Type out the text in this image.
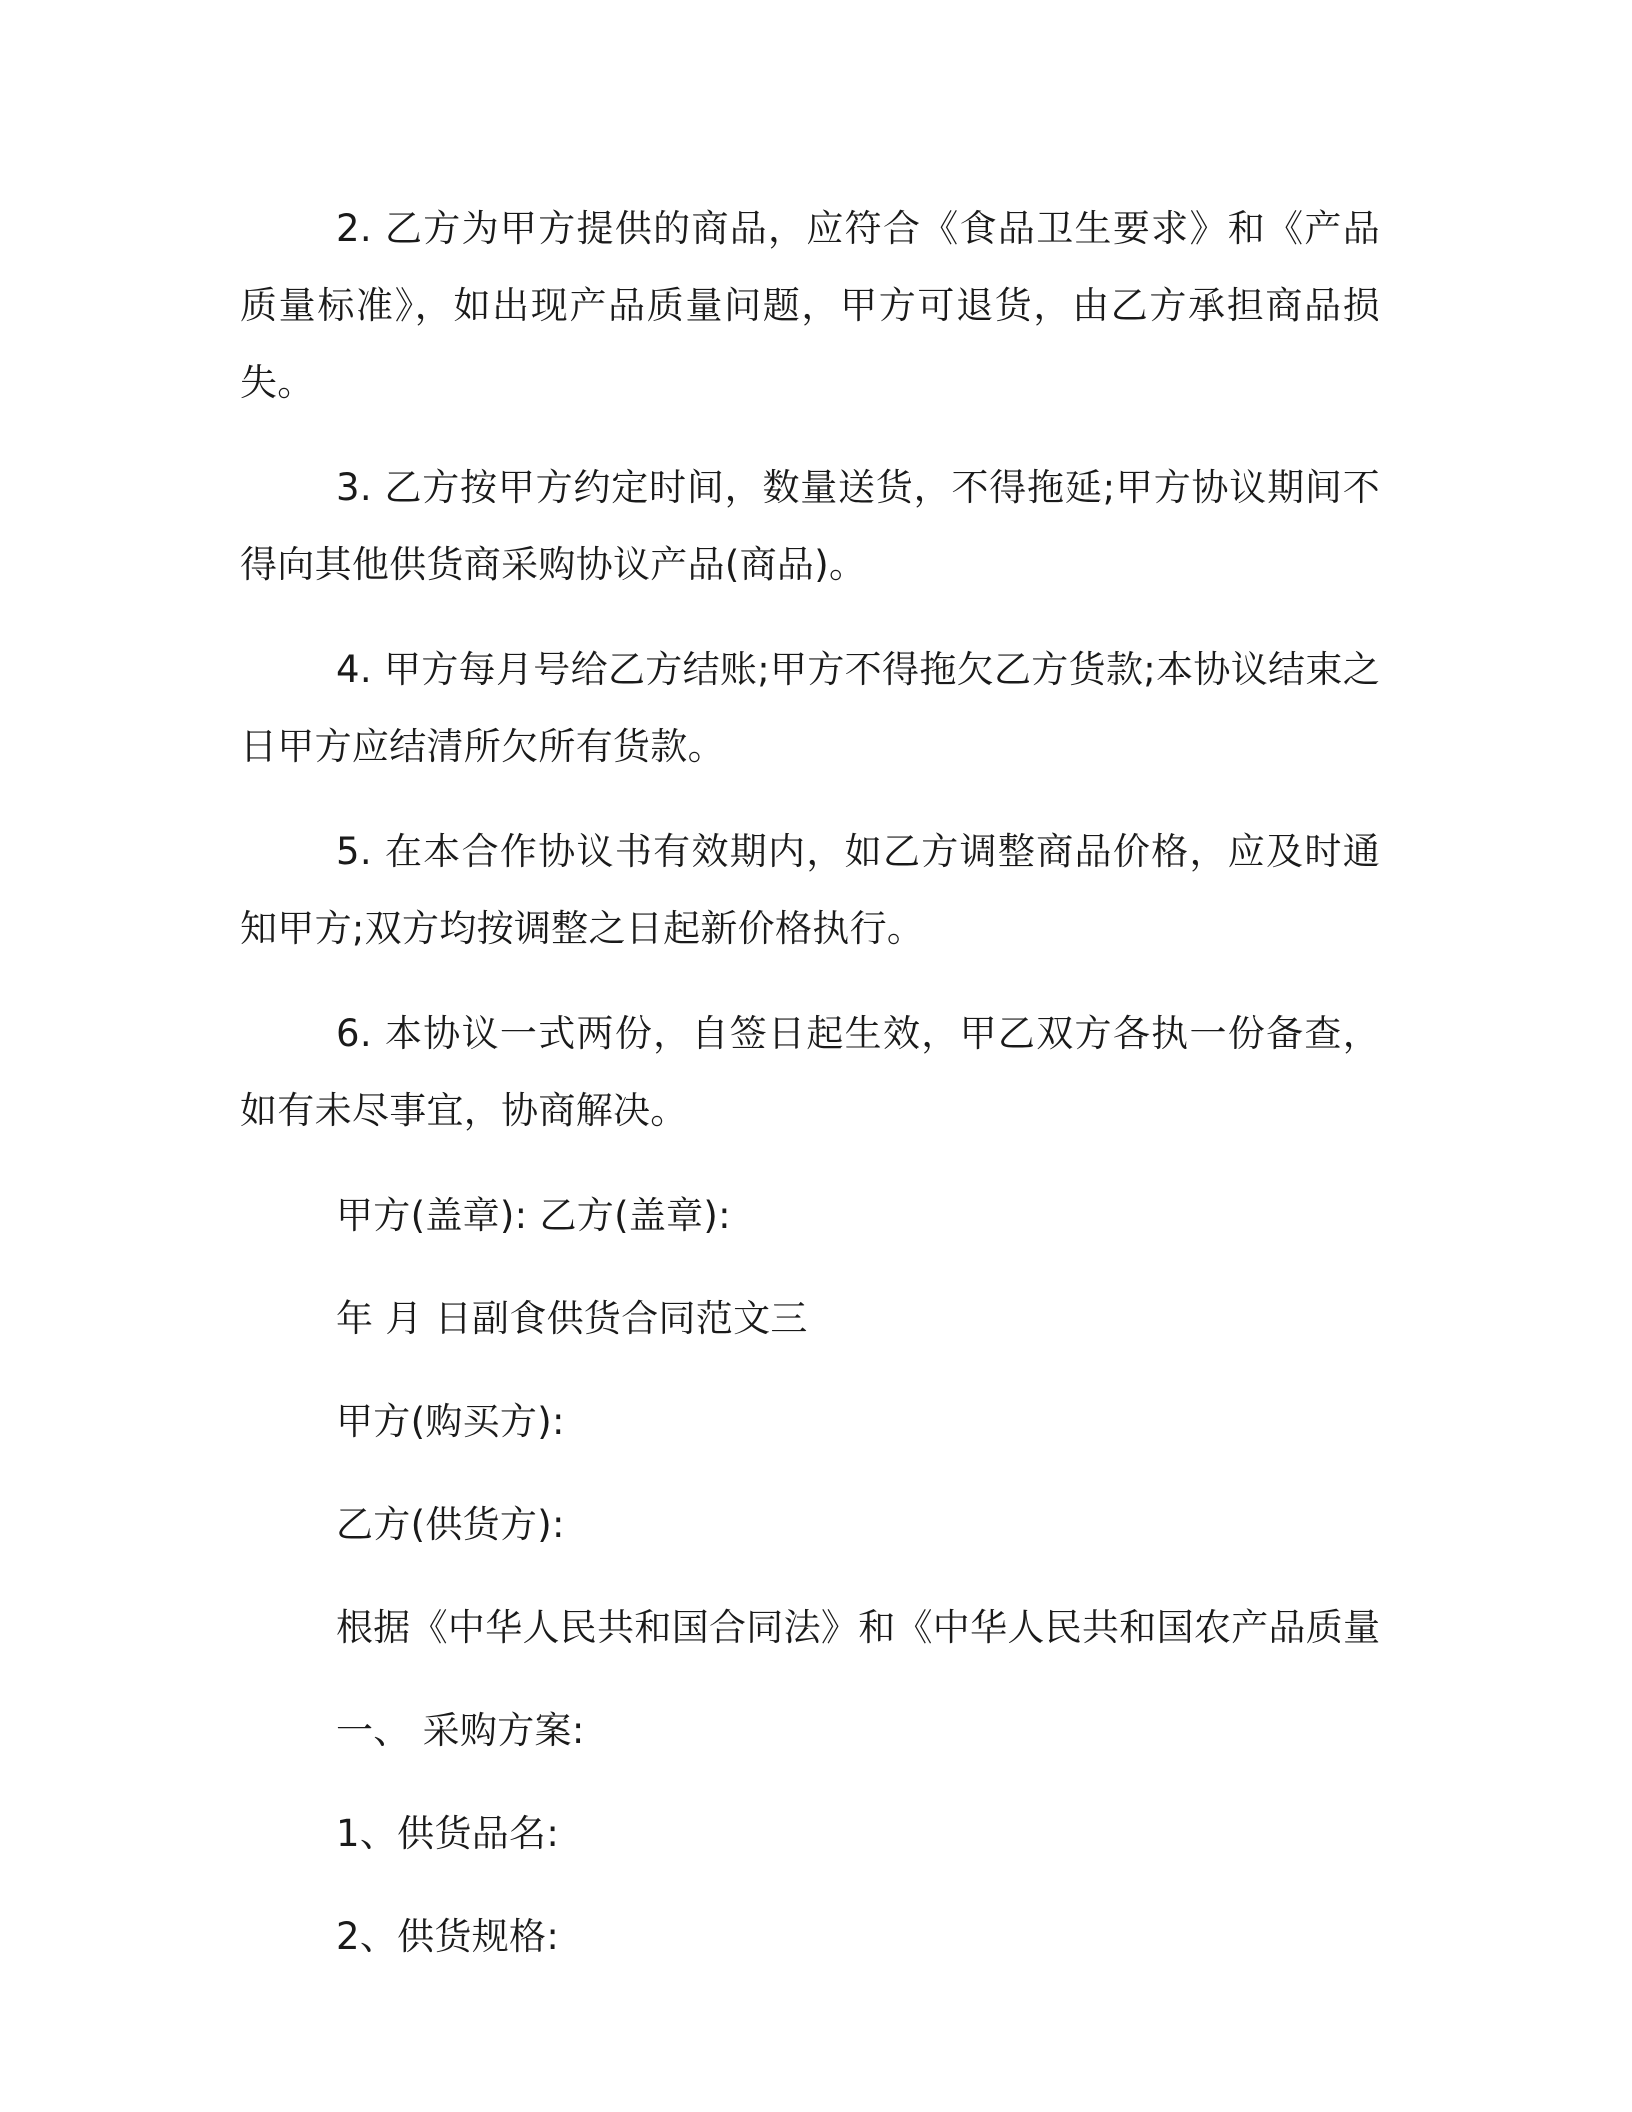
2. 乙方为甲方提供的商品，应符合《食品卫生要求》和《产品质量标准》，如出现产品质量问题，甲方可退货，由乙方承担商品损失。

3. 乙方按甲方约定时间，数量送货，不得拖延;甲方协议期间不得向其他供货商采购协议产品(商品)。

4. 甲方每月号给乙方结账;甲方不得拖欠乙方货款;本协议结束之日甲方应结清所欠所有货款。

5. 在本合作协议书有效期内，如乙方调整商品价格，应及时通知甲方;双方均按调整之日起新价格执行。

6. 本协议一式两份，自签日起生效，甲乙双方各执一份备查，如有未尽事宜，协商解决。

甲方(盖章): 乙方(盖章):
年 月 日副食供货合同范文三
甲方(购买方):
乙方(供货方):
根据《中华人民共和国合同法》和《中华人民共和国农产品质量
一、 采购方案:
1、供货品名:
2、供货规格:
